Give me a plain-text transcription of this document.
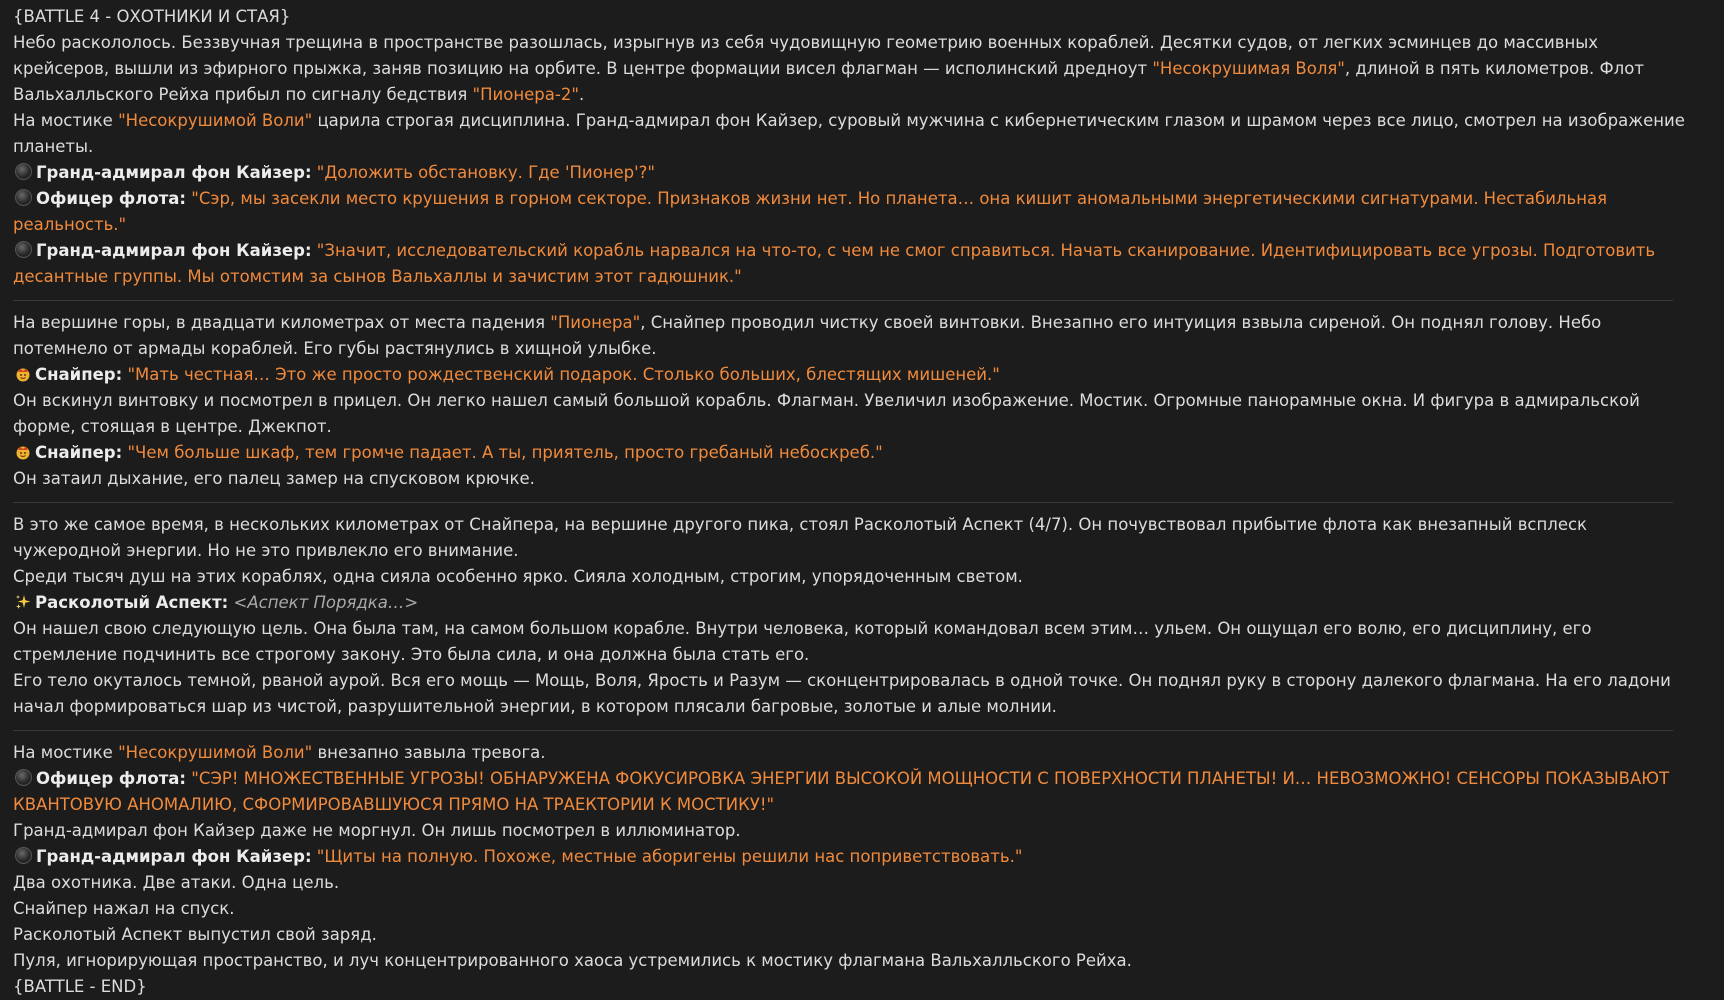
{BATTLE 4 - ОХОТНИКИ И СТАЯ}
Небо раскололось. Беззвучная трещина в пространстве разошлась, изрыгнув из себя чудовищную геометрию военных кораблей. Десятки судов, от легких эсминцев до массивных крейсеров, вышли из эфирного прыжка, заняв позицию на орбите. В центре формации висел флагман — исполинский дредноут "Несокрушимая Воля", длиной в пять километров. Флот Вальхалльского Рейха прибыл по сигналу бедствия "Пионера-2".
На мостике "Несокрушимой Воли" царила строгая дисциплина. Гранд-адмирал фон Кайзер, суровый мужчина с кибернетическим глазом и шрамом через все лицо, смотрел на изображение планеты.
Гранд-адмирал фон Кайзер: "Доложить обстановку. Где 'Пионер'?"
Офицер флота: "Сэр, мы засекли место крушения в горном секторе. Признаков жизни нет. Но планета… она кишит аномальными энергетическими сигнатурами. Нестабильная реальность."
Гранд-адмирал фон Кайзер: "Значит, исследовательский корабль нарвался на что-то, с чем не смог справиться. Начать сканирование. Идентифицировать все угрозы. Подготовить десантные группы. Мы отомстим за сынов Вальхаллы и зачистим этот гадюшник."
На вершине горы, в двадцати километрах от места падения "Пионера", Снайпер проводил чистку своей винтовки. Внезапно его интуиция взвыла сиреной. Он поднял голову. Небо потемнело от армады кораблей. Его губы растянулись в хищной улыбке.
Снайпер: "Мать честная… Это же просто рождественский подарок. Столько больших, блестящих мишеней."
Он вскинул винтовку и посмотрел в прицел. Он легко нашел самый большой корабль. Флагман. Увеличил изображение. Мостик. Огромные панорамные окна. И фигура в адмиральской форме, стоящая в центре. Джекпот.
Снайпер: "Чем больше шкаф, тем громче падает. А ты, приятель, просто гребаный небоскреб."
Он затаил дыхание, его палец замер на спусковом крючке.
В это же самое время, в нескольких километрах от Снайпера, на вершине другого пика, стоял Расколотый Аспект (4/7). Он почувствовал прибытие флота как внезапный всплеск чужеродной энергии. Но не это привлекло его внимание.
Среди тысяч душ на этих кораблях, одна сияла особенно ярко. Сияла холодным, строгим, упорядоченным светом.
Расколотый Аспект: <Аспект Порядка…>
Он нашел свою следующую цель. Она была там, на самом большом корабле. Внутри человека, который командовал всем этим… ульем. Он ощущал его волю, его дисциплину, его стремление подчинить все строгому закону. Это была сила, и она должна была стать его.
Его тело окуталось темной, рваной аурой. Вся его мощь — Мощь, Воля, Ярость и Разум — сконцентрировалась в одной точке. Он поднял руку в сторону далекого флагмана. На его ладони начал формироваться шар из чистой, разрушительной энергии, в котором плясали багровые, золотые и алые молнии.
На мостике "Несокрушимой Воли" внезапно завыла тревога.
Офицер флота: "СЭР! МНОЖЕСТВЕННЫЕ УГРОЗЫ! ОБНАРУЖЕНА ФОКУСИРОВКА ЭНЕРГИИ ВЫСОКОЙ МОЩНОСТИ С ПОВЕРХНОСТИ ПЛАНЕТЫ! И… НЕВОЗМОЖНО! СЕНСОРЫ ПОКАЗЫВАЮТ КВАНТОВУЮ АНОМАЛИЮ, СФОРМИРОВАВШУЮСЯ ПРЯМО НА ТРАЕКТОРИИ К МОСТИКУ!"
Гранд-адмирал фон Кайзер даже не моргнул. Он лишь посмотрел в иллюминатор.
Гранд-адмирал фон Кайзер: "Щиты на полную. Похоже, местные аборигены решили нас поприветствовать."
Два охотника. Две атаки. Одна цель.
Снайпер нажал на спуск.
Расколотый Аспект выпустил свой заряд.
Пуля, игнорирующая пространство, и луч концентрированного хаоса устремились к мостику флагмана Вальхалльского Рейха.
{BATTLE - END}
